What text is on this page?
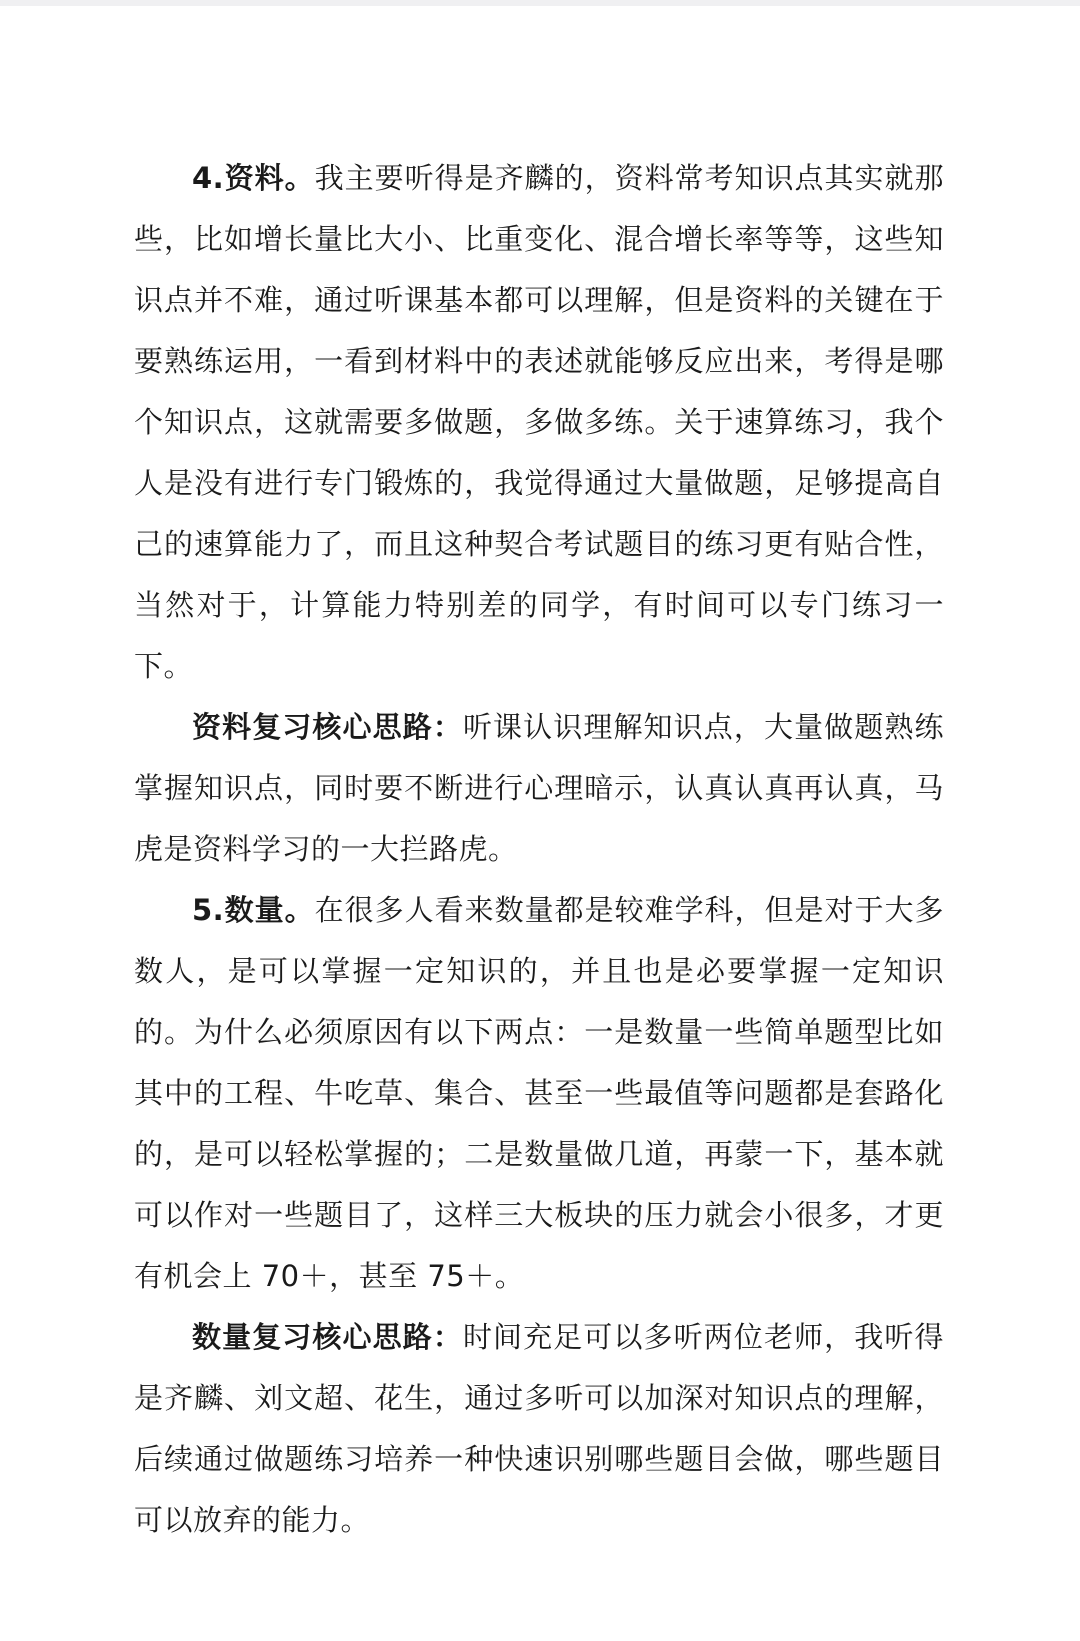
4.资料。我主要听得是齐麟的，资料常考知识点其实就那些，比如增长量比大小、比重变化、混合增长率等等，这些知识点并不难，通过听课基本都可以理解，但是资料的关键在于要熟练运用，一看到材料中的表述就能够反应出来，考得是哪个知识点，这就需要多做题，多做多练。关于速算练习，我个人是没有进行专门锻炼的，我觉得通过大量做题，足够提高自己的速算能力了，而且这种契合考试题目的练习更有贴合性，当然对于，计算能力特别差的同学，有时间可以专门练习一下。

资料复习核心思路：听课认识理解知识点，大量做题熟练掌握知识点，同时要不断进行心理暗示，认真认真再认真，马虎是资料学习的一大拦路虎。

5.数量。在很多人看来数量都是较难学科，但是对于大多数人，是可以掌握一定知识的，并且也是必要掌握一定知识的。为什么必须原因有以下两点：一是数量一些简单题型比如其中的工程、牛吃草、集合、甚至一些最值等问题都是套路化的，是可以轻松掌握的；二是数量做几道，再蒙一下，基本就可以作对一些题目了，这样三大板块的压力就会小很多，才更有机会上 70＋，甚至 75＋。

数量复习核心思路：时间充足可以多听两位老师，我听得是齐麟、刘文超、花生，通过多听可以加深对知识点的理解，后续通过做题练习培养一种快速识别哪些题目会做，哪些题目可以放弃的能力。
